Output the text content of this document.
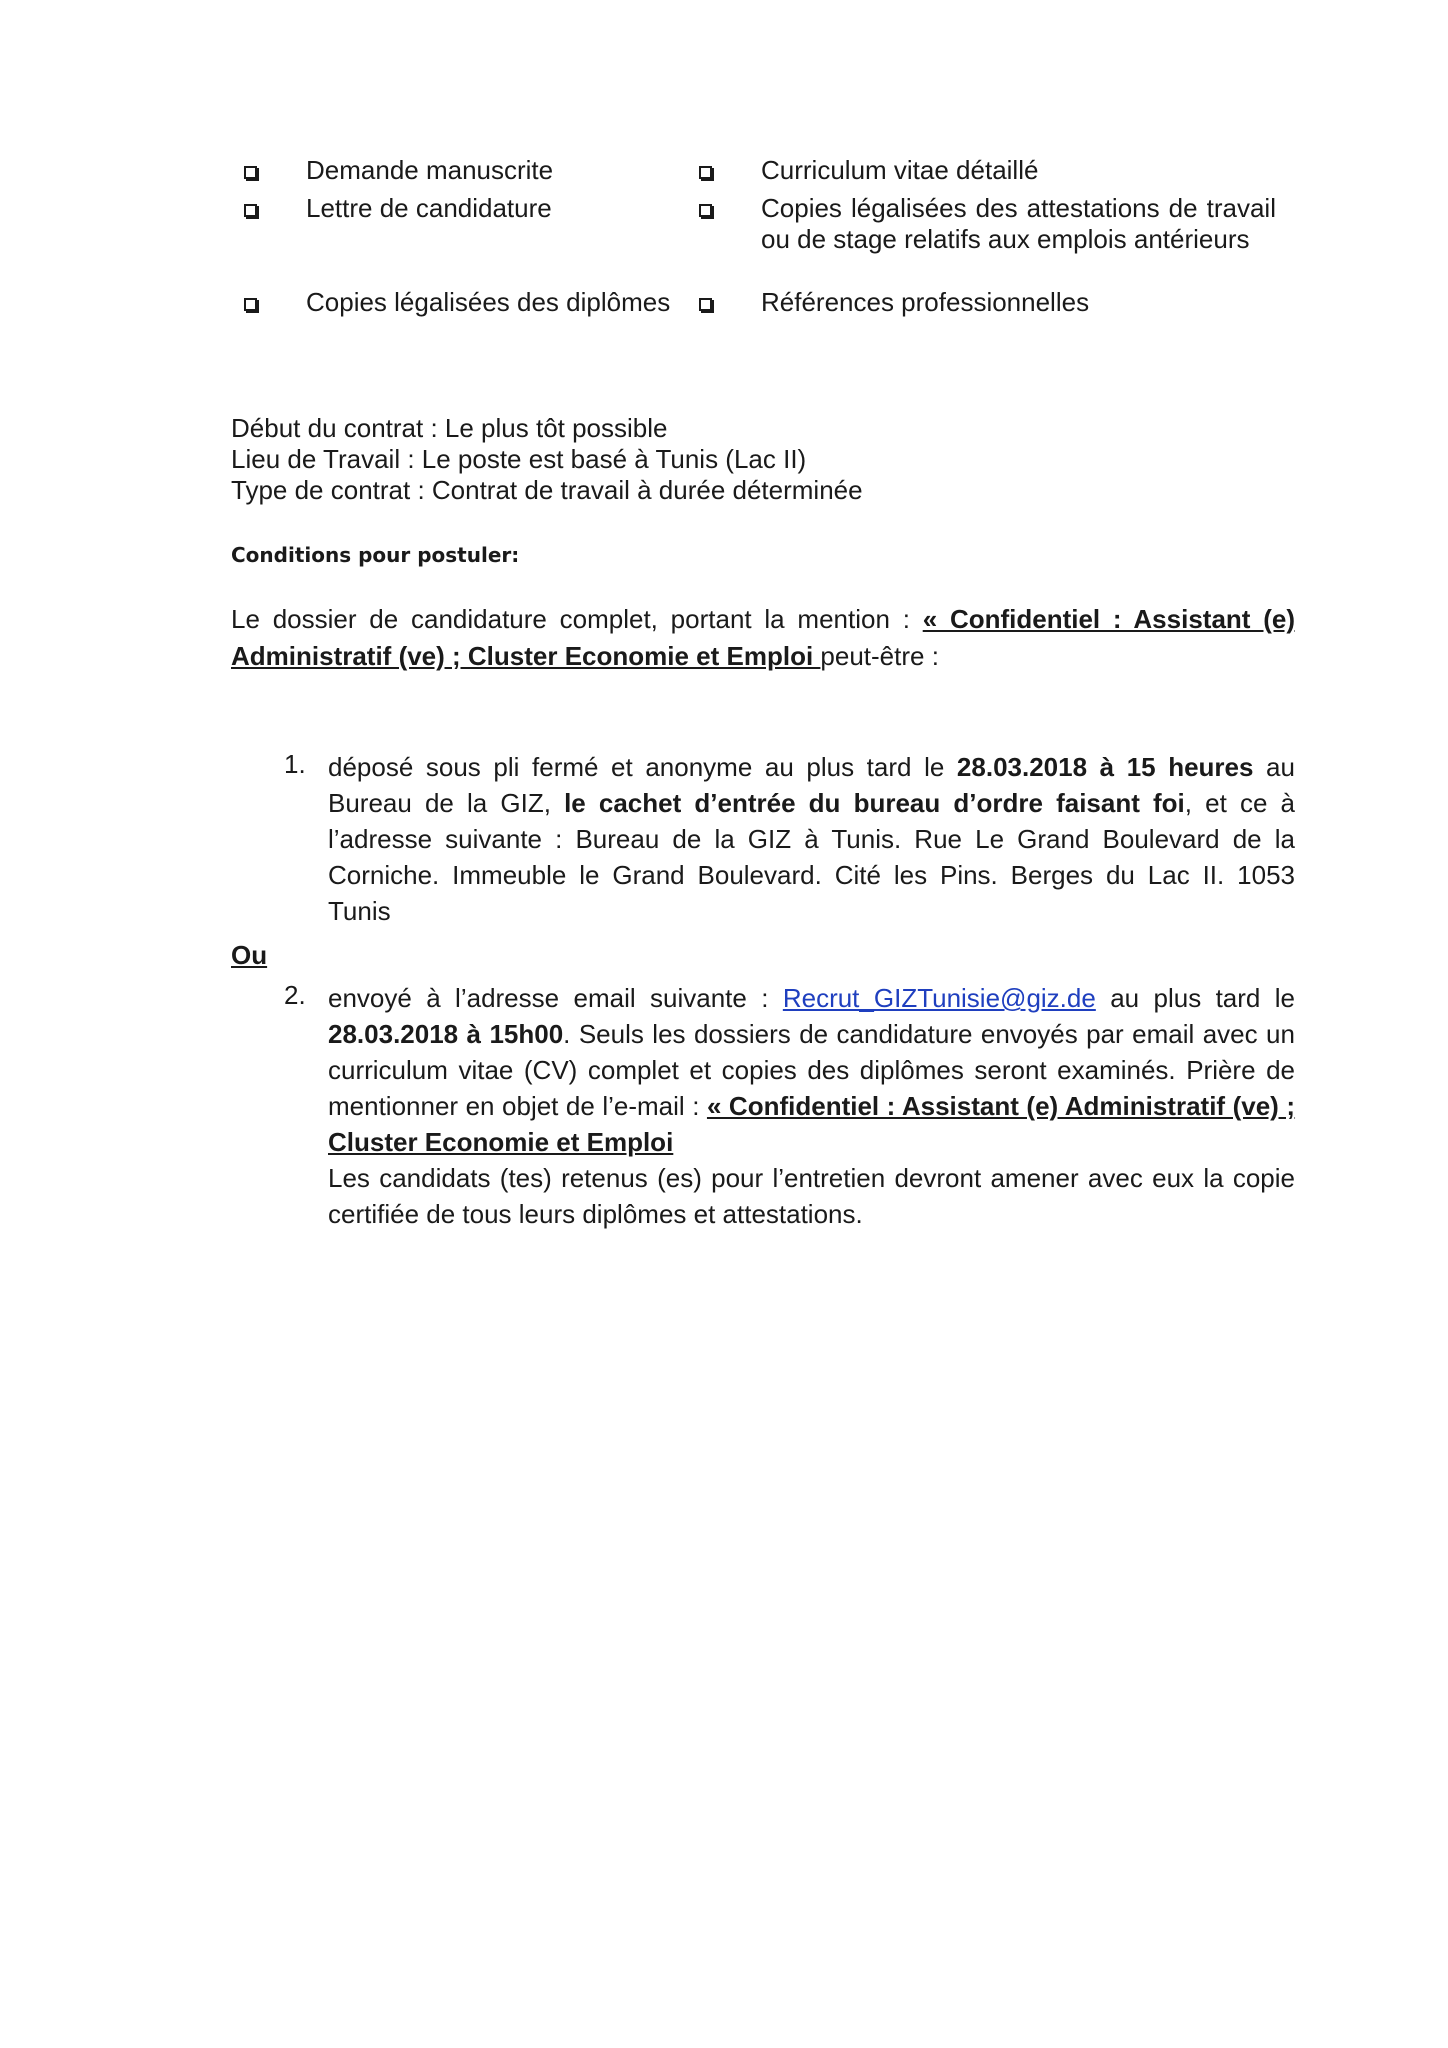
Demande manuscrite	Curriculum vitae détaillé
Lettre de candidature	Copies légalisées des attestations de travail ou de stage relatifs aux emplois antérieurs
Copies légalisées des diplômes	Références professionnelles
Début du contrat : Le plus tôt possible
Lieu de Travail : Le poste est basé à Tunis (Lac II)
Type de contrat : Contrat de travail à durée déterminée
Conditions pour postuler:
Le dossier de candidature complet, portant la mention : « Confidentiel : Assistant (e) Administratif (ve) ; Cluster Economie et Emploi peut-être :
1. déposé sous pli fermé et anonyme au plus tard le 28.03.2018 à 15 heures au Bureau de la GIZ, le cachet d’entrée du bureau d’ordre faisant foi, et ce à l’adresse suivante : Bureau de la GIZ à Tunis. Rue Le Grand Boulevard de la Corniche. Immeuble le Grand Boulevard. Cité les Pins. Berges du Lac II. 1053 Tunis
Ou
2. envoyé à l’adresse email suivante : Recrut_GIZTunisie@giz.de au plus tard le 28.03.2018 à 15h00. Seuls les dossiers de candidature envoyés par email avec un curriculum vitae (CV) complet et copies des diplômes seront examinés. Prière de mentionner en objet de l’e-mail : « Confidentiel : Assistant (e) Administratif (ve) ; Cluster Economie et Emploi
Les candidats (tes) retenus (es) pour l’entretien devront amener avec eux la copie certifiée de tous leurs diplômes et attestations.
